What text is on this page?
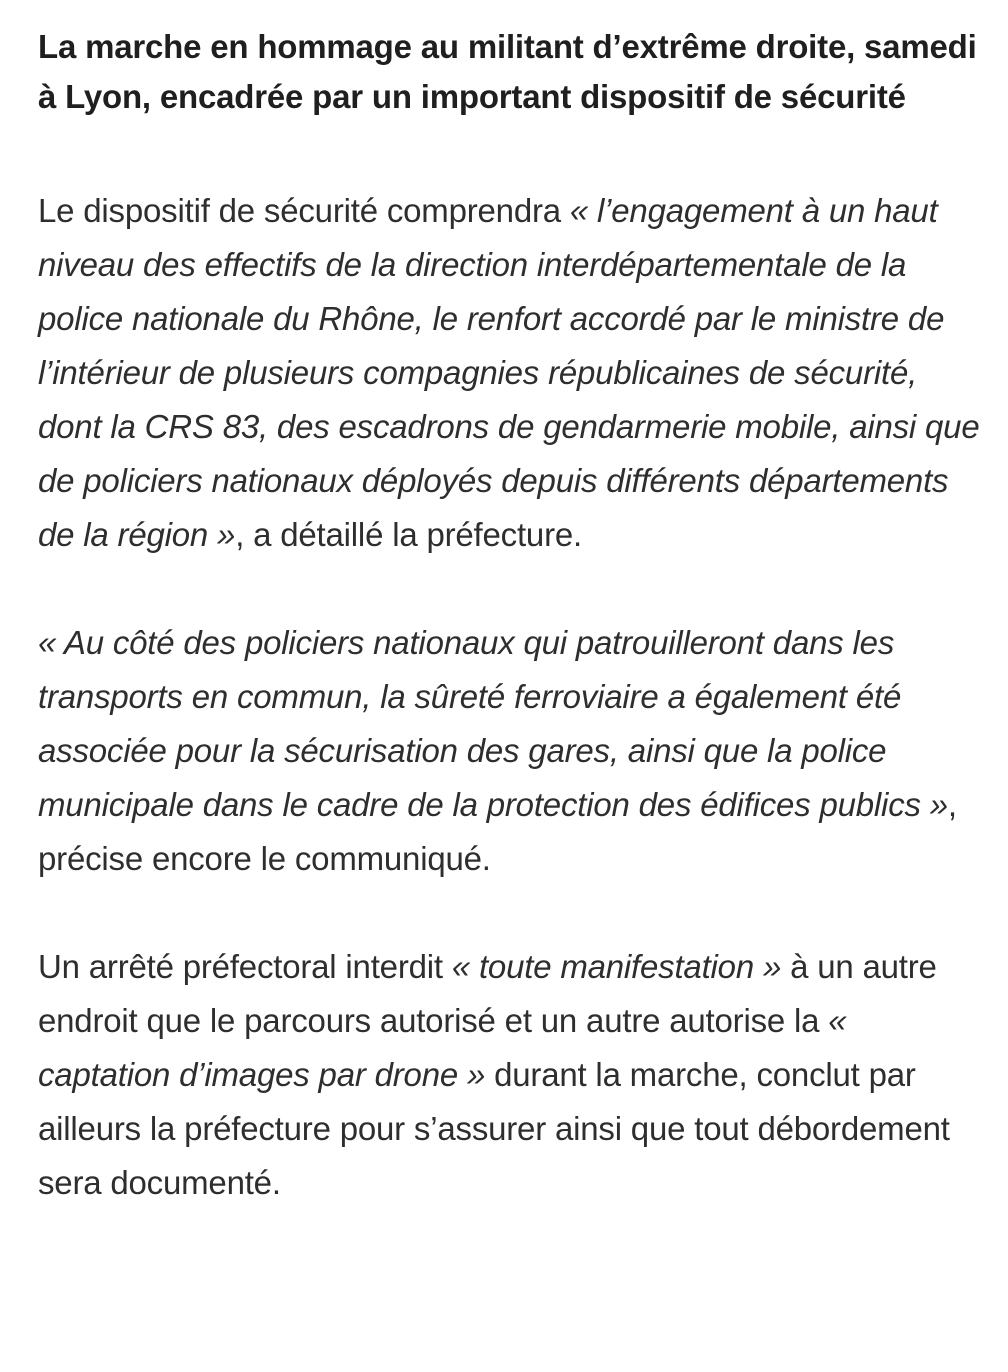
La marche en hommage au militant d’extrême droite, samedi à Lyon, encadrée par un important dispositif de sécurité

Le dispositif de sécurité comprendra « l’engagement à un haut niveau des effectifs de la direction interdépartementale de la police nationale du Rhône, le renfort accordé par le ministre de l’intérieur de plusieurs compagnies républicaines de sécurité, dont la CRS 83, des escadrons de gendarmerie mobile, ainsi que de policiers nationaux déployés depuis différents départements de la région », a détaillé la préfecture.

« Au côté des policiers nationaux qui patrouilleront dans les transports en commun, la sûreté ferroviaire a également été associée pour la sécurisation des gares, ainsi que la police municipale dans le cadre de la protection des édifices publics », précise encore le communiqué.

Un arrêté préfectoral interdit « toute manifestation » à un autre endroit que le parcours autorisé et un autre autorise la « captation d’images par drone » durant la marche, conclut par ailleurs la préfecture pour s’assurer ainsi que tout débordement sera documenté.
